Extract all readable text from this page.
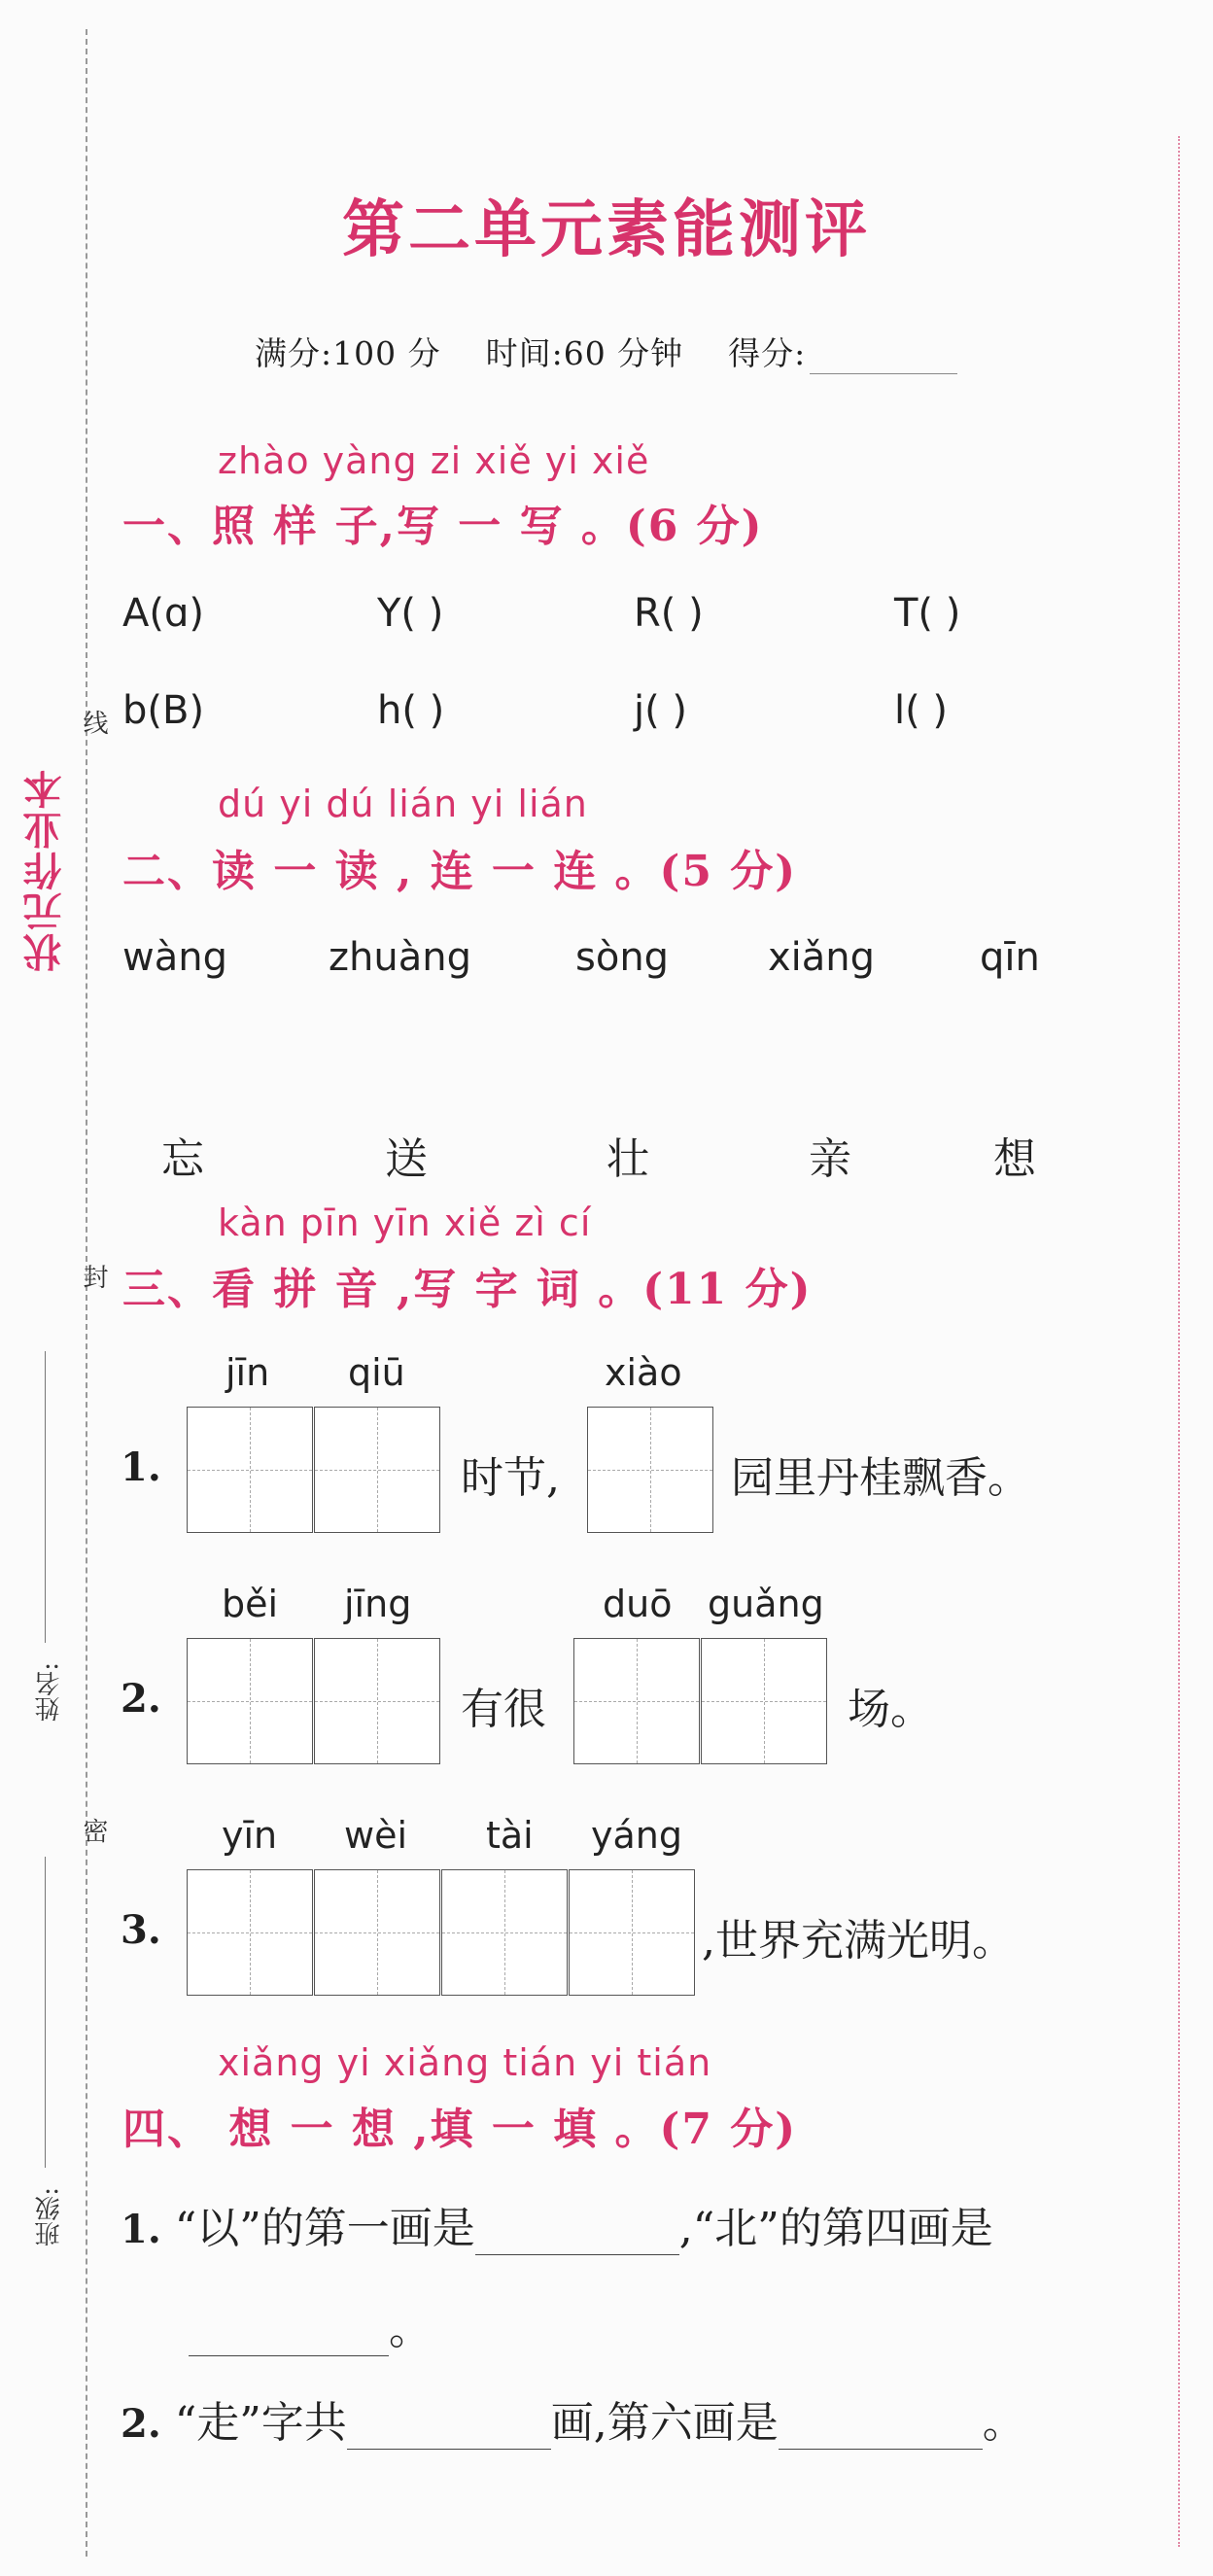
状元作业本
线
封
密
姓名:
班级:
第二单元素能测评
满分:100 分 时间:60 分钟 得分:
zhào yàng zi xiě yi xiě
一、照 样 子,写 一 写 。(6 分)
A(ɑ)	Y( )	R( )	T( )
b(B)	h( )	j( )	l( )
dú yi dú lián yi lián
二、读 一 读 , 连 一 连 。(5 分)
wàng	zhuàng	sòng	xiǎng	qīn
忘	送	壮	亲	想
kàn pīn yīn xiě zì cí
三、看 拼 音 ,写 字 词 。(11 分)
jīn qiū	xiào
1.	时节,	园里丹桂飘香。
běi jīng	duō guǎng
2.	有很	场。
yīn wèi tài yáng
3.	,世界充满光明。
xiǎng yi xiǎng tián yi tián
四、 想 一 想 ,填 一 填 。(7 分)
1. “以”的第一画是	,“北”的第四画是
。
2. “走”字共	画,第六画是	。
